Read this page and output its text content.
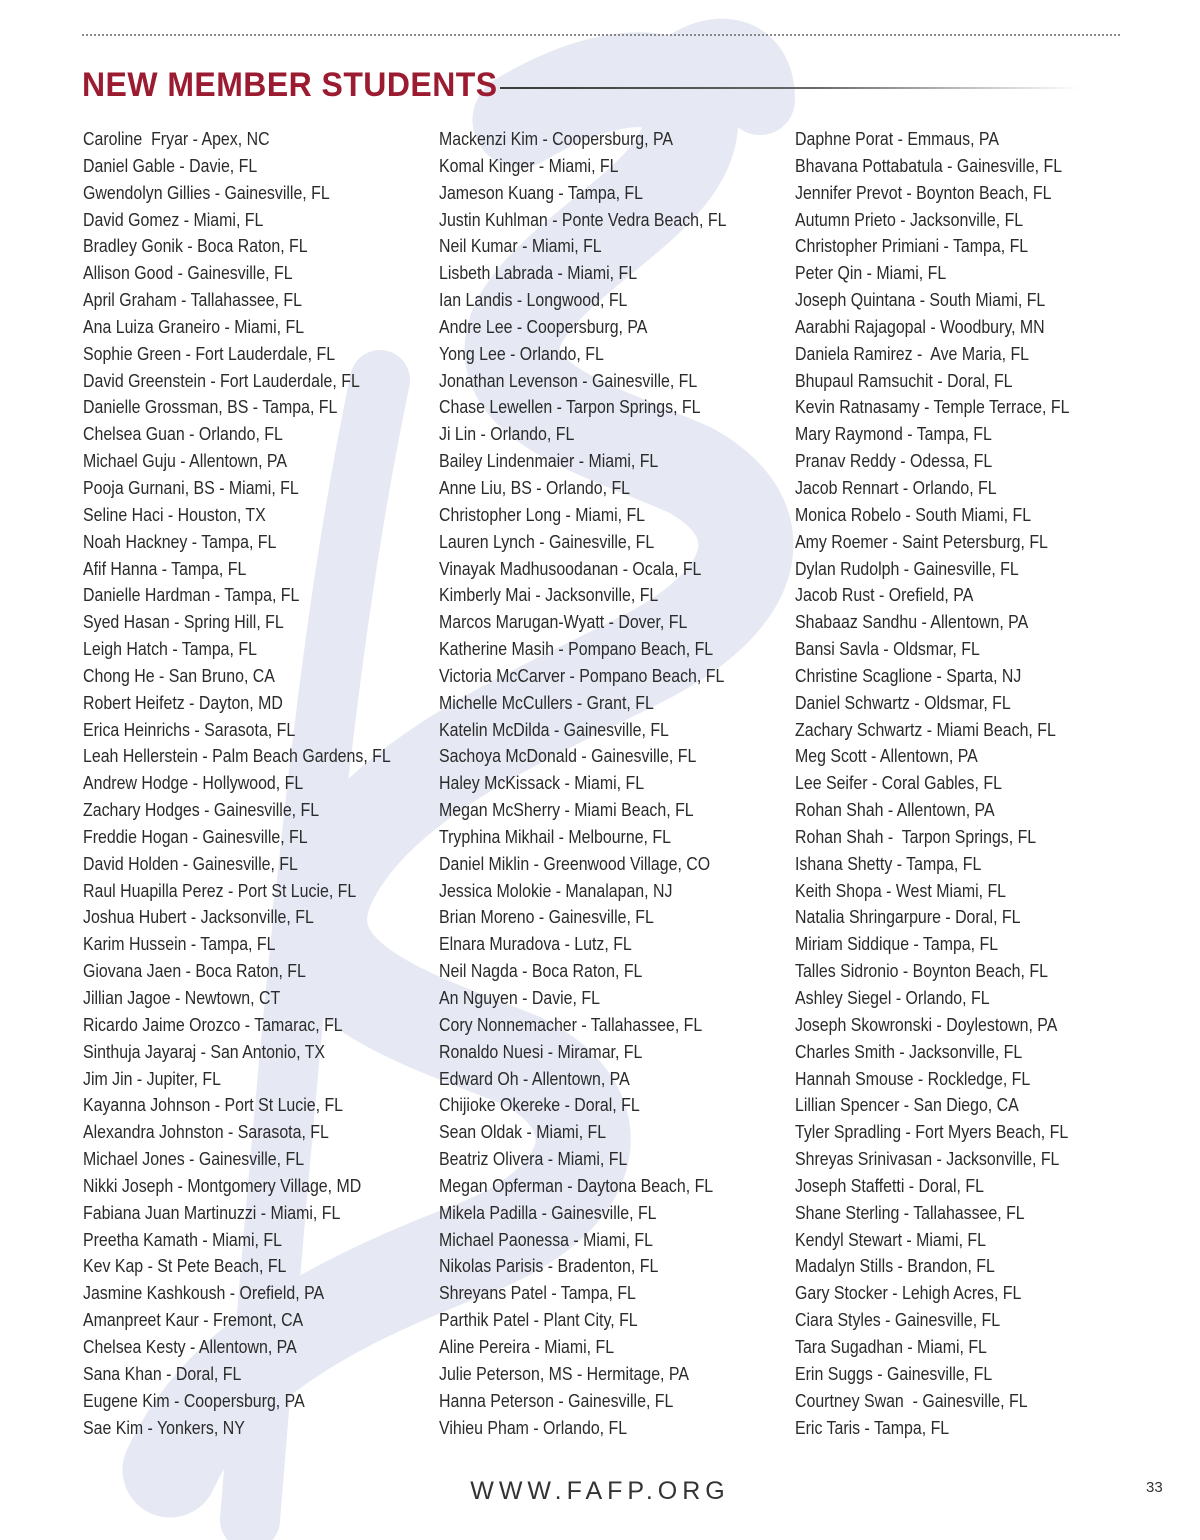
NEW MEMBER STUDENTS
Caroline  Fryar - Apex, NC
Daniel Gable - Davie, FL
Gwendolyn Gillies - Gainesville, FL
David Gomez - Miami, FL
Bradley Gonik - Boca Raton, FL
Allison Good - Gainesville, FL
April Graham - Tallahassee, FL
Ana Luiza Graneiro - Miami, FL
Sophie Green - Fort Lauderdale, FL
David Greenstein - Fort Lauderdale, FL
Danielle Grossman, BS - Tampa, FL
Chelsea Guan - Orlando, FL
Michael Guju - Allentown, PA
Pooja Gurnani, BS - Miami, FL
Seline Haci - Houston, TX
Noah Hackney - Tampa, FL
Afif Hanna - Tampa, FL
Danielle Hardman - Tampa, FL
Syed Hasan - Spring Hill, FL
Leigh Hatch - Tampa, FL
Chong He - San Bruno, CA
Robert Heifetz - Dayton, MD
Erica Heinrichs - Sarasota, FL
Leah Hellerstein - Palm Beach Gardens, FL
Andrew Hodge - Hollywood, FL
Zachary Hodges - Gainesville, FL
Freddie Hogan - Gainesville, FL
David Holden - Gainesville, FL
Raul Huapilla Perez - Port St Lucie, FL
Joshua Hubert - Jacksonville, FL
Karim Hussein - Tampa, FL
Giovana Jaen - Boca Raton, FL
Jillian Jagoe - Newtown, CT
Ricardo Jaime Orozco - Tamarac, FL
Sinthuja Jayaraj - San Antonio, TX
Jim Jin - Jupiter, FL
Kayanna Johnson - Port St Lucie, FL
Alexandra Johnston - Sarasota, FL
Michael Jones - Gainesville, FL
Nikki Joseph - Montgomery Village, MD
Fabiana Juan Martinuzzi - Miami, FL
Preetha Kamath - Miami, FL
Kev Kap - St Pete Beach, FL
Jasmine Kashkoush - Orefield, PA
Amanpreet Kaur - Fremont, CA
Chelsea Kesty - Allentown, PA
Sana Khan - Doral, FL
Eugene Kim - Coopersburg, PA
Sae Kim - Yonkers, NY
Mackenzi Kim - Coopersburg, PA
Komal Kinger - Miami, FL
Jameson Kuang - Tampa, FL
Justin Kuhlman - Ponte Vedra Beach, FL
Neil Kumar - Miami, FL
Lisbeth Labrada - Miami, FL
Ian Landis - Longwood, FL
Andre Lee - Coopersburg, PA
Yong Lee - Orlando, FL
Jonathan Levenson - Gainesville, FL
Chase Lewellen - Tarpon Springs, FL
Ji Lin - Orlando, FL
Bailey Lindenmaier - Miami, FL
Anne Liu, BS - Orlando, FL
Christopher Long - Miami, FL
Lauren Lynch - Gainesville, FL
Vinayak Madhusoodanan - Ocala, FL
Kimberly Mai - Jacksonville, FL
Marcos Marugan-Wyatt - Dover, FL
Katherine Masih - Pompano Beach, FL
Victoria McCarver - Pompano Beach, FL
Michelle McCullers - Grant, FL
Katelin McDilda - Gainesville, FL
Sachoya McDonald - Gainesville, FL
Haley McKissack - Miami, FL
Megan McSherry - Miami Beach, FL
Tryphina Mikhail - Melbourne, FL
Daniel Miklin - Greenwood Village, CO
Jessica Molokie - Manalapan, NJ
Brian Moreno - Gainesville, FL
Elnara Muradova - Lutz, FL
Neil Nagda - Boca Raton, FL
An Nguyen - Davie, FL
Cory Nonnemacher - Tallahassee, FL
Ronaldo Nuesi - Miramar, FL
Edward Oh - Allentown, PA
Chijioke Okereke - Doral, FL
Sean Oldak - Miami, FL
Beatriz Olivera - Miami, FL
Megan Opferman - Daytona Beach, FL
Mikela Padilla - Gainesville, FL
Michael Paonessa - Miami, FL
Nikolas Parisis - Bradenton, FL
Shreyans Patel - Tampa, FL
Parthik Patel - Plant City, FL
Aline Pereira - Miami, FL
Julie Peterson, MS - Hermitage, PA
Hanna Peterson - Gainesville, FL
Vihieu Pham - Orlando, FL
Daphne Porat - Emmaus, PA
Bhavana Pottabatula - Gainesville, FL
Jennifer Prevot - Boynton Beach, FL
Autumn Prieto - Jacksonville, FL
Christopher Primiani - Tampa, FL
Peter Qin - Miami, FL
Joseph Quintana - South Miami, FL
Aarabhi Rajagopal - Woodbury, MN
Daniela Ramirez -  Ave Maria, FL
Bhupaul Ramsuchit - Doral, FL
Kevin Ratnasamy - Temple Terrace, FL
Mary Raymond - Tampa, FL
Pranav Reddy - Odessa, FL
Jacob Rennart - Orlando, FL
Monica Robelo - South Miami, FL
Amy Roemer - Saint Petersburg, FL
Dylan Rudolph - Gainesville, FL
Jacob Rust - Orefield, PA
Shabaaz Sandhu - Allentown, PA
Bansi Savla - Oldsmar, FL
Christine Scaglione - Sparta, NJ
Daniel Schwartz - Oldsmar, FL
Zachary Schwartz - Miami Beach, FL
Meg Scott - Allentown, PA
Lee Seifer - Coral Gables, FL
Rohan Shah - Allentown, PA
Rohan Shah -  Tarpon Springs, FL
Ishana Shetty - Tampa, FL
Keith Shopa - West Miami, FL
Natalia Shringarpure - Doral, FL
Miriam Siddique - Tampa, FL
Talles Sidronio - Boynton Beach, FL
Ashley Siegel - Orlando, FL
Joseph Skowronski - Doylestown, PA
Charles Smith - Jacksonville, FL
Hannah Smouse - Rockledge, FL
Lillian Spencer - San Diego, CA
Tyler Spradling - Fort Myers Beach, FL
Shreyas Srinivasan - Jacksonville, FL
Joseph Staffetti - Doral, FL
Shane Sterling - Tallahassee, FL
Kendyl Stewart - Miami, FL
Madalyn Stills - Brandon, FL
Gary Stocker - Lehigh Acres, FL
Ciara Styles - Gainesville, FL
Tara Sugadhan - Miami, FL
Erin Suggs - Gainesville, FL
Courtney Swan  - Gainesville, FL
Eric Taris - Tampa, FL
WWW.FAFP.ORG	33
